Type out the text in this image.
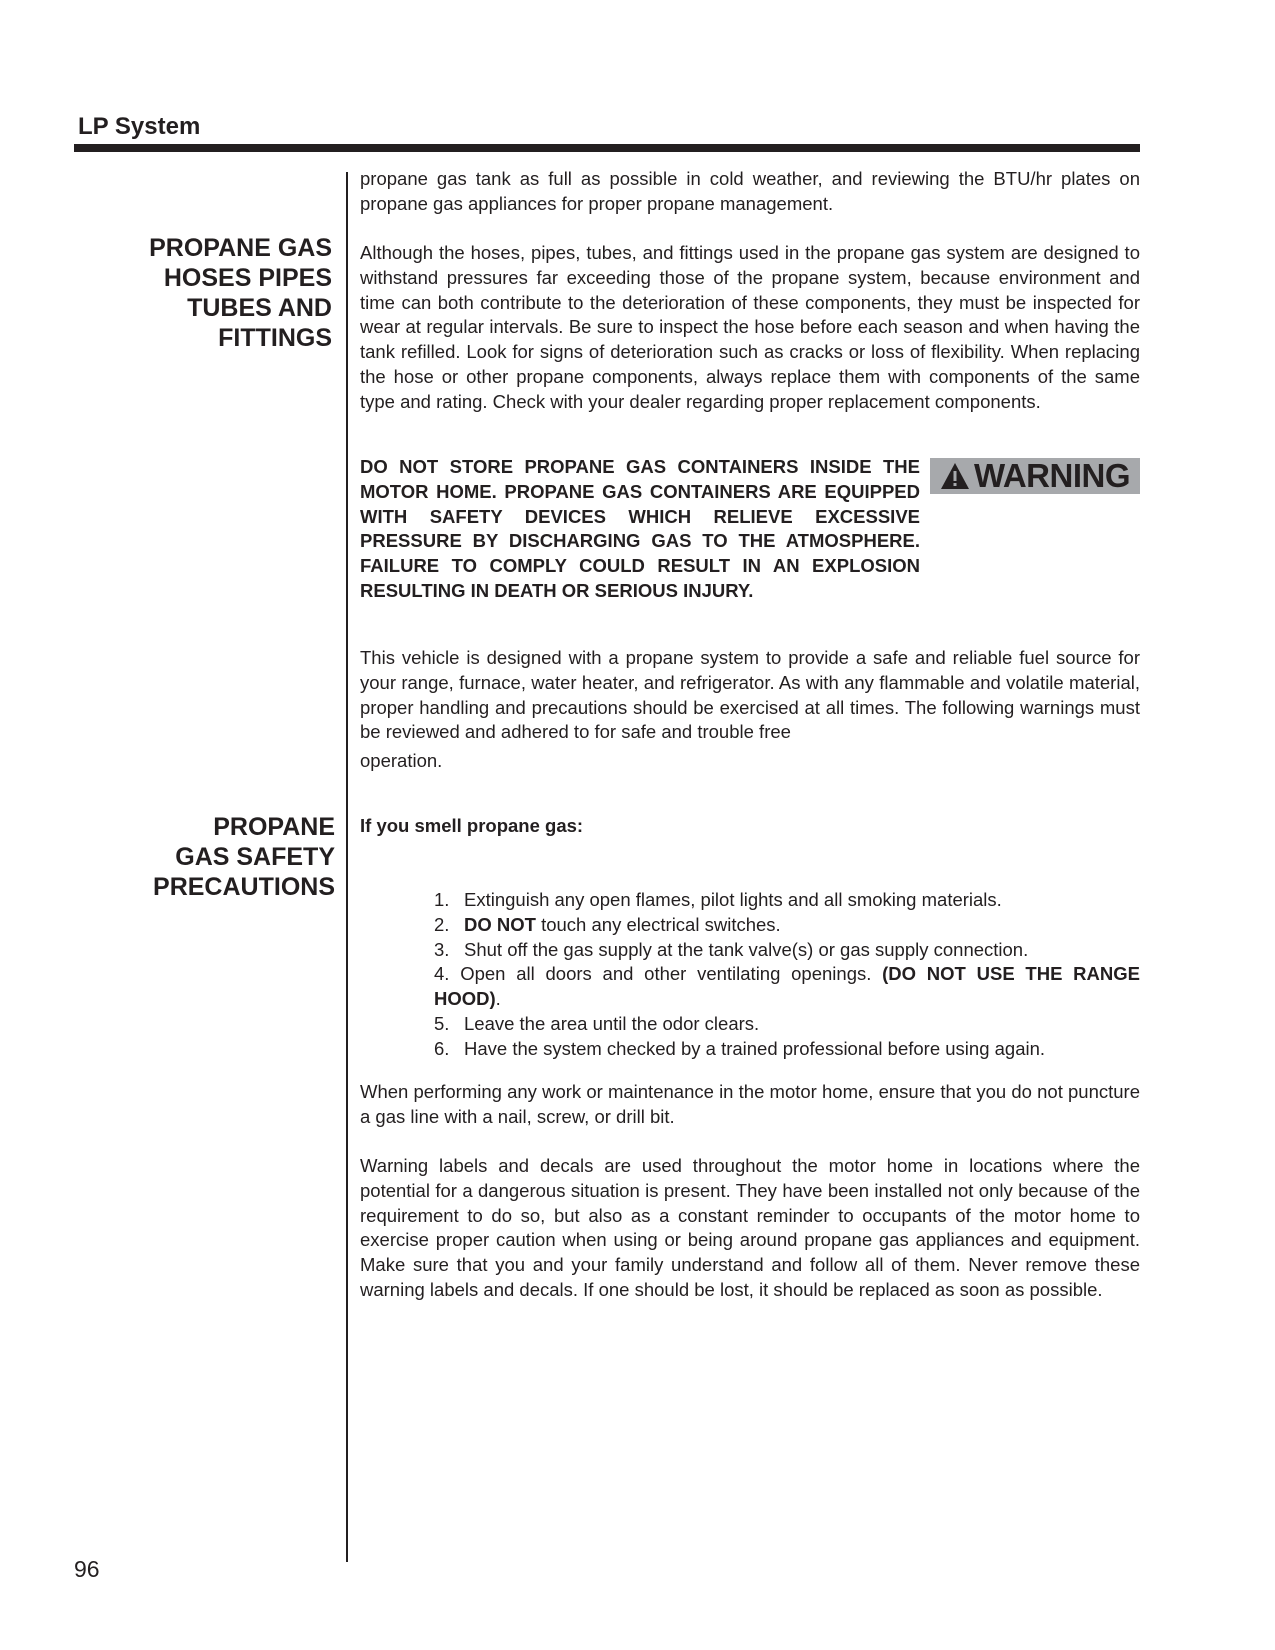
LP System
PROPANE GAS
HOSES PIPES
TUBES AND
FITTINGS
PROPANE
GAS SAFETY
PRECAUTIONS

propane gas tank as full as possible in cold weather, and reviewing the BTU/hr plates on propane gas appliances for proper propane management.

Although the hoses, pipes, tubes, and fittings used in the propane gas system are designed to withstand pressures far exceeding those of the propane system, because environment and time can both contribute to the deterioration of these components, they must be inspected for wear at regular intervals. Be sure to inspect the hose before each season and when having the tank refilled. Look for signs of deterioration such as cracks or loss of flexibility. When replacing the hose or other propane components, always replace them with components of the same type and rating. Check with your dealer regarding proper replacement components.

DO NOT STORE PROPANE GAS CONTAINERS INSIDE THE MOTOR HOME. PROPANE GAS CONTAINERS ARE EQUIPPED WITH SAFETY DEVICES WHICH RELIEVE EXCESSIVE PRESSURE BY DISCHARGING GAS TO THE ATMOSPHERE. FAILURE TO COMPLY COULD RESULT IN AN EXPLOSION RESULTING IN DEATH OR SERIOUS INJURY.

WARNING

This vehicle is designed with a propane system to provide a safe and reliable fuel source for your range, furnace, water heater, and refrigerator. As with any flammable and volatile material, proper handling and precautions should be exercised at all times. The following warnings must be reviewed and adhered to for safe and trouble free

operation.

If you smell propane gas:
1. Extinguish any open flames, pilot lights and all smoking materials.
2. DO NOT touch any electrical switches.
3. Shut off the gas supply at the tank valve(s) or gas supply connection.
4. Open all doors and other ventilating openings. (DO NOT USE THE RANGE HOOD).
5. Leave the area until the odor clears.
6. Have the system checked by a trained professional before using again.

When performing any work or maintenance in the motor home, ensure that you do not puncture a gas line with a nail, screw, or drill bit.

Warning labels and decals are used throughout the motor home in locations where the potential for a dangerous situation is present. They have been installed not only because of the requirement to do so, but also as a constant reminder to occupants of the motor home to exercise proper caution when using or being around propane gas appliances and equipment. Make sure that you and your family understand and follow all of them. Never remove these warning labels and decals. If one should be lost, it should be replaced as soon as possible.

96
